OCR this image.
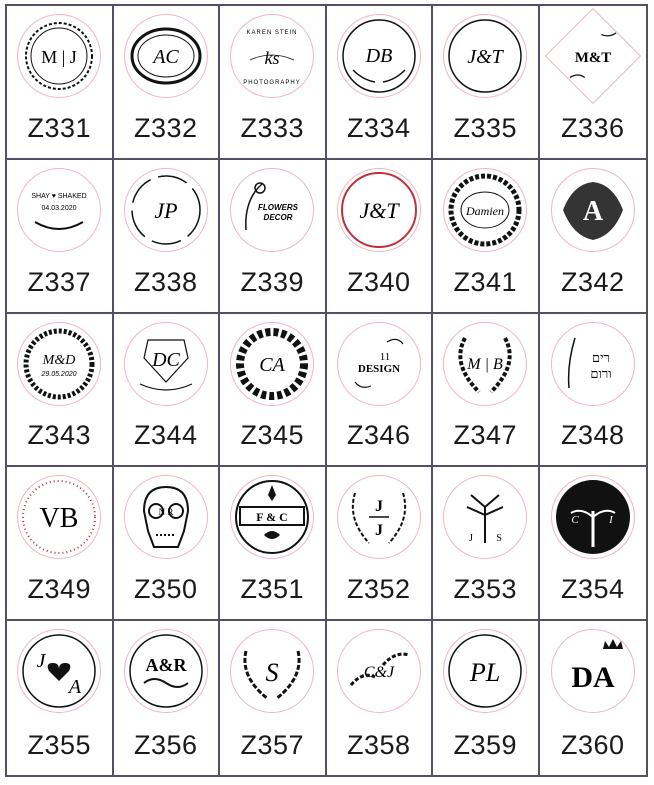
M | J
Z331
AC
Z332
KAREN STEIN
ks
PHOTOGRAPHY
Z333
DB
Z334
J&T
Z335
M&T
Z336
SHAY ♥ SHAKED
04.03.2020
Z337
JP
Z338
FLOWERS
DECOR
Z339
J&T
Z340
Damien
Z341
A
Z342
M&D
29.05.2020
Z343
DC
Z344
CA
Z345
11
DESIGN
Z346
M | B
Z347
רים
ורום
Z348
VB
Z349
N R
Z350
F & C
Z351
J
J
Z352
J S
Z353
C	I
Z354
J
A
Z355
A&R
Z356
S
Z357
C&J
Z358
PL
Z359
DA
Z360
